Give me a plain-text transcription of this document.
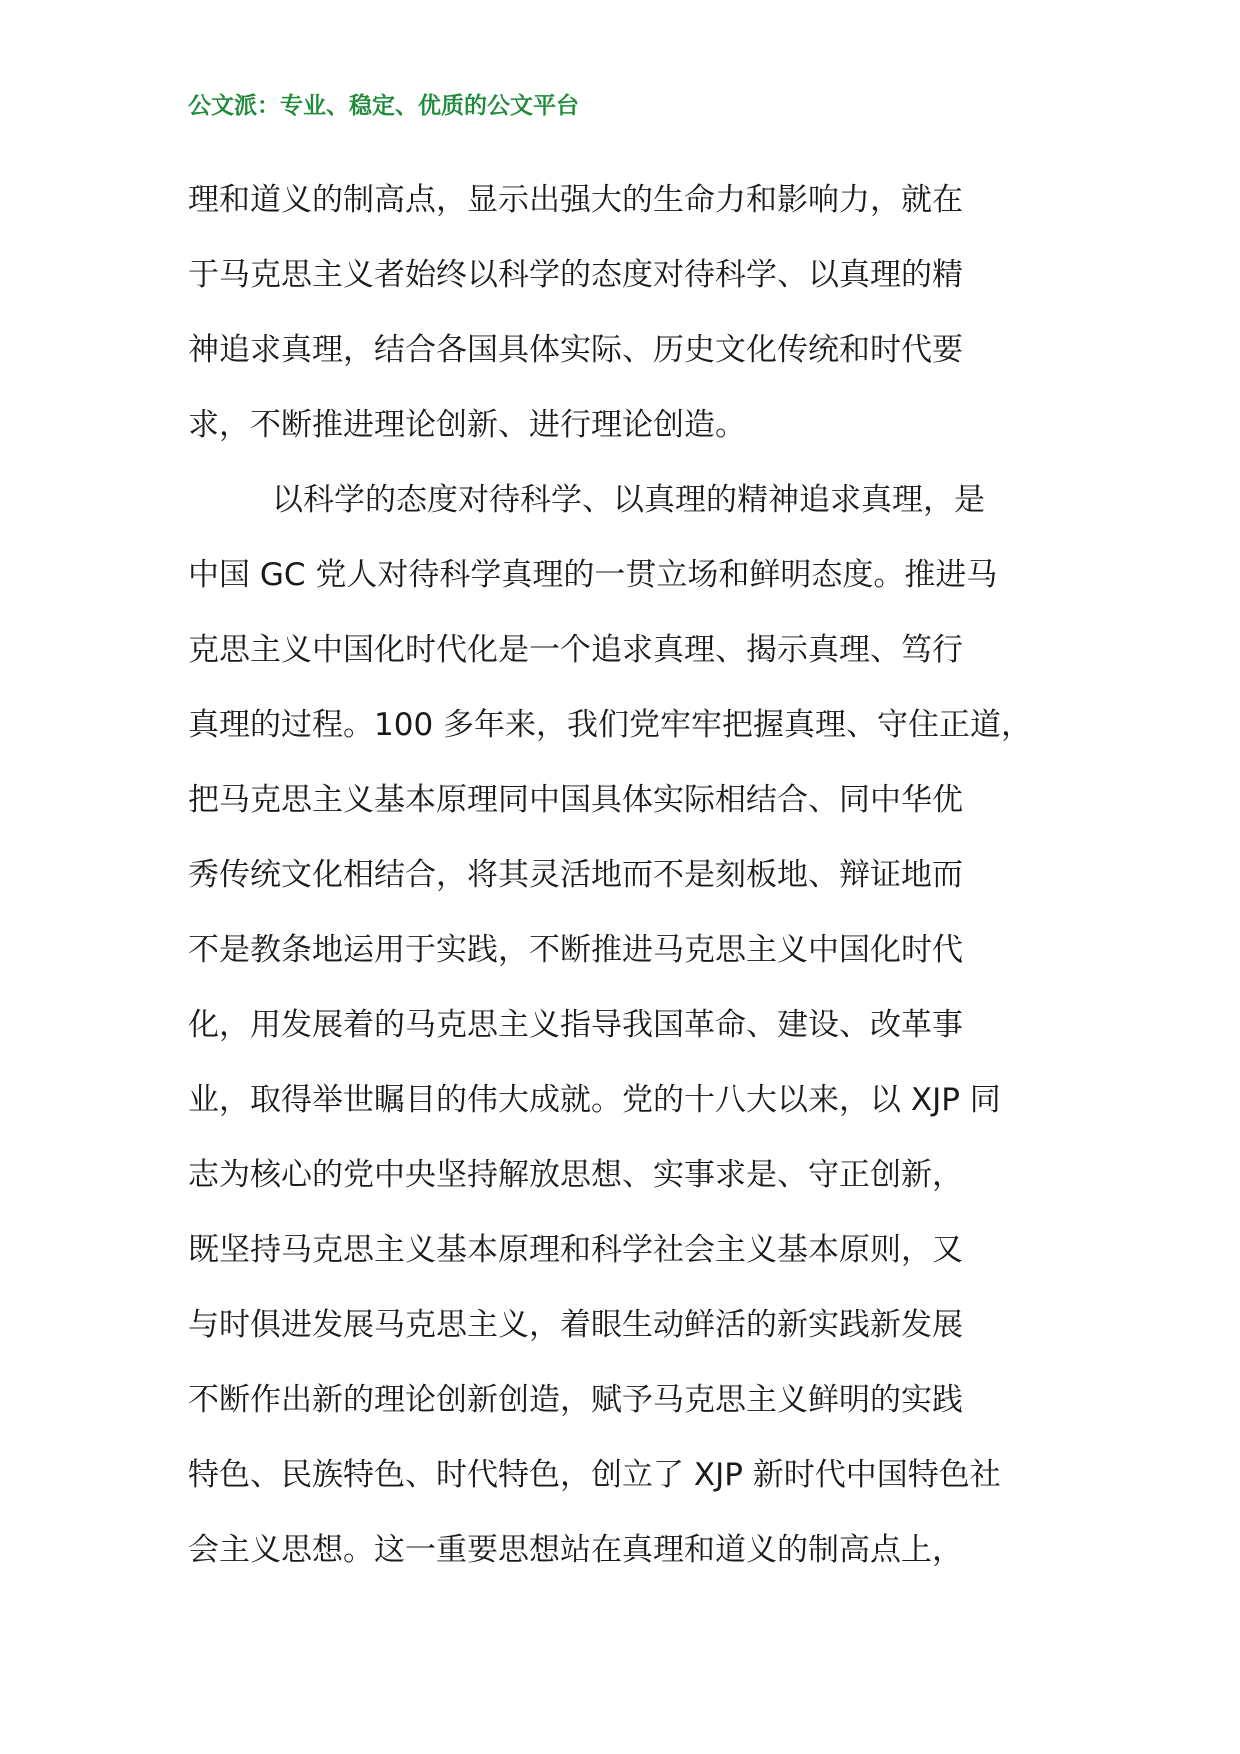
公文派：专业、稳定、优质的公文平台
理和道义的制高点，显示出强大的生命力和影响力，就在
于马克思主义者始终以科学的态度对待科学、以真理的精
神追求真理，结合各国具体实际、历史文化传统和时代要
求，不断推进理论创新、进行理论创造。
以科学的态度对待科学、以真理的精神追求真理，是
中国 GC 党人对待科学真理的一贯立场和鲜明态度。推进马
克思主义中国化时代化是一个追求真理、揭示真理、笃行
真理的过程。100 多年来，我们党牢牢把握真理、守住正道，
把马克思主义基本原理同中国具体实际相结合、同中华优
秀传统文化相结合，将其灵活地而不是刻板地、辩证地而
不是教条地运用于实践，不断推进马克思主义中国化时代
化，用发展着的马克思主义指导我国革命、建设、改革事
业，取得举世瞩目的伟大成就。党的十八大以来，以 XJP 同
志为核心的党中央坚持解放思想、实事求是、守正创新，
既坚持马克思主义基本原理和科学社会主义基本原则，又
与时俱进发展马克思主义，着眼生动鲜活的新实践新发展
不断作出新的理论创新创造，赋予马克思主义鲜明的实践
特色、民族特色、时代特色，创立了 XJP 新时代中国特色社
会主义思想。这一重要思想站在真理和道义的制高点上，
